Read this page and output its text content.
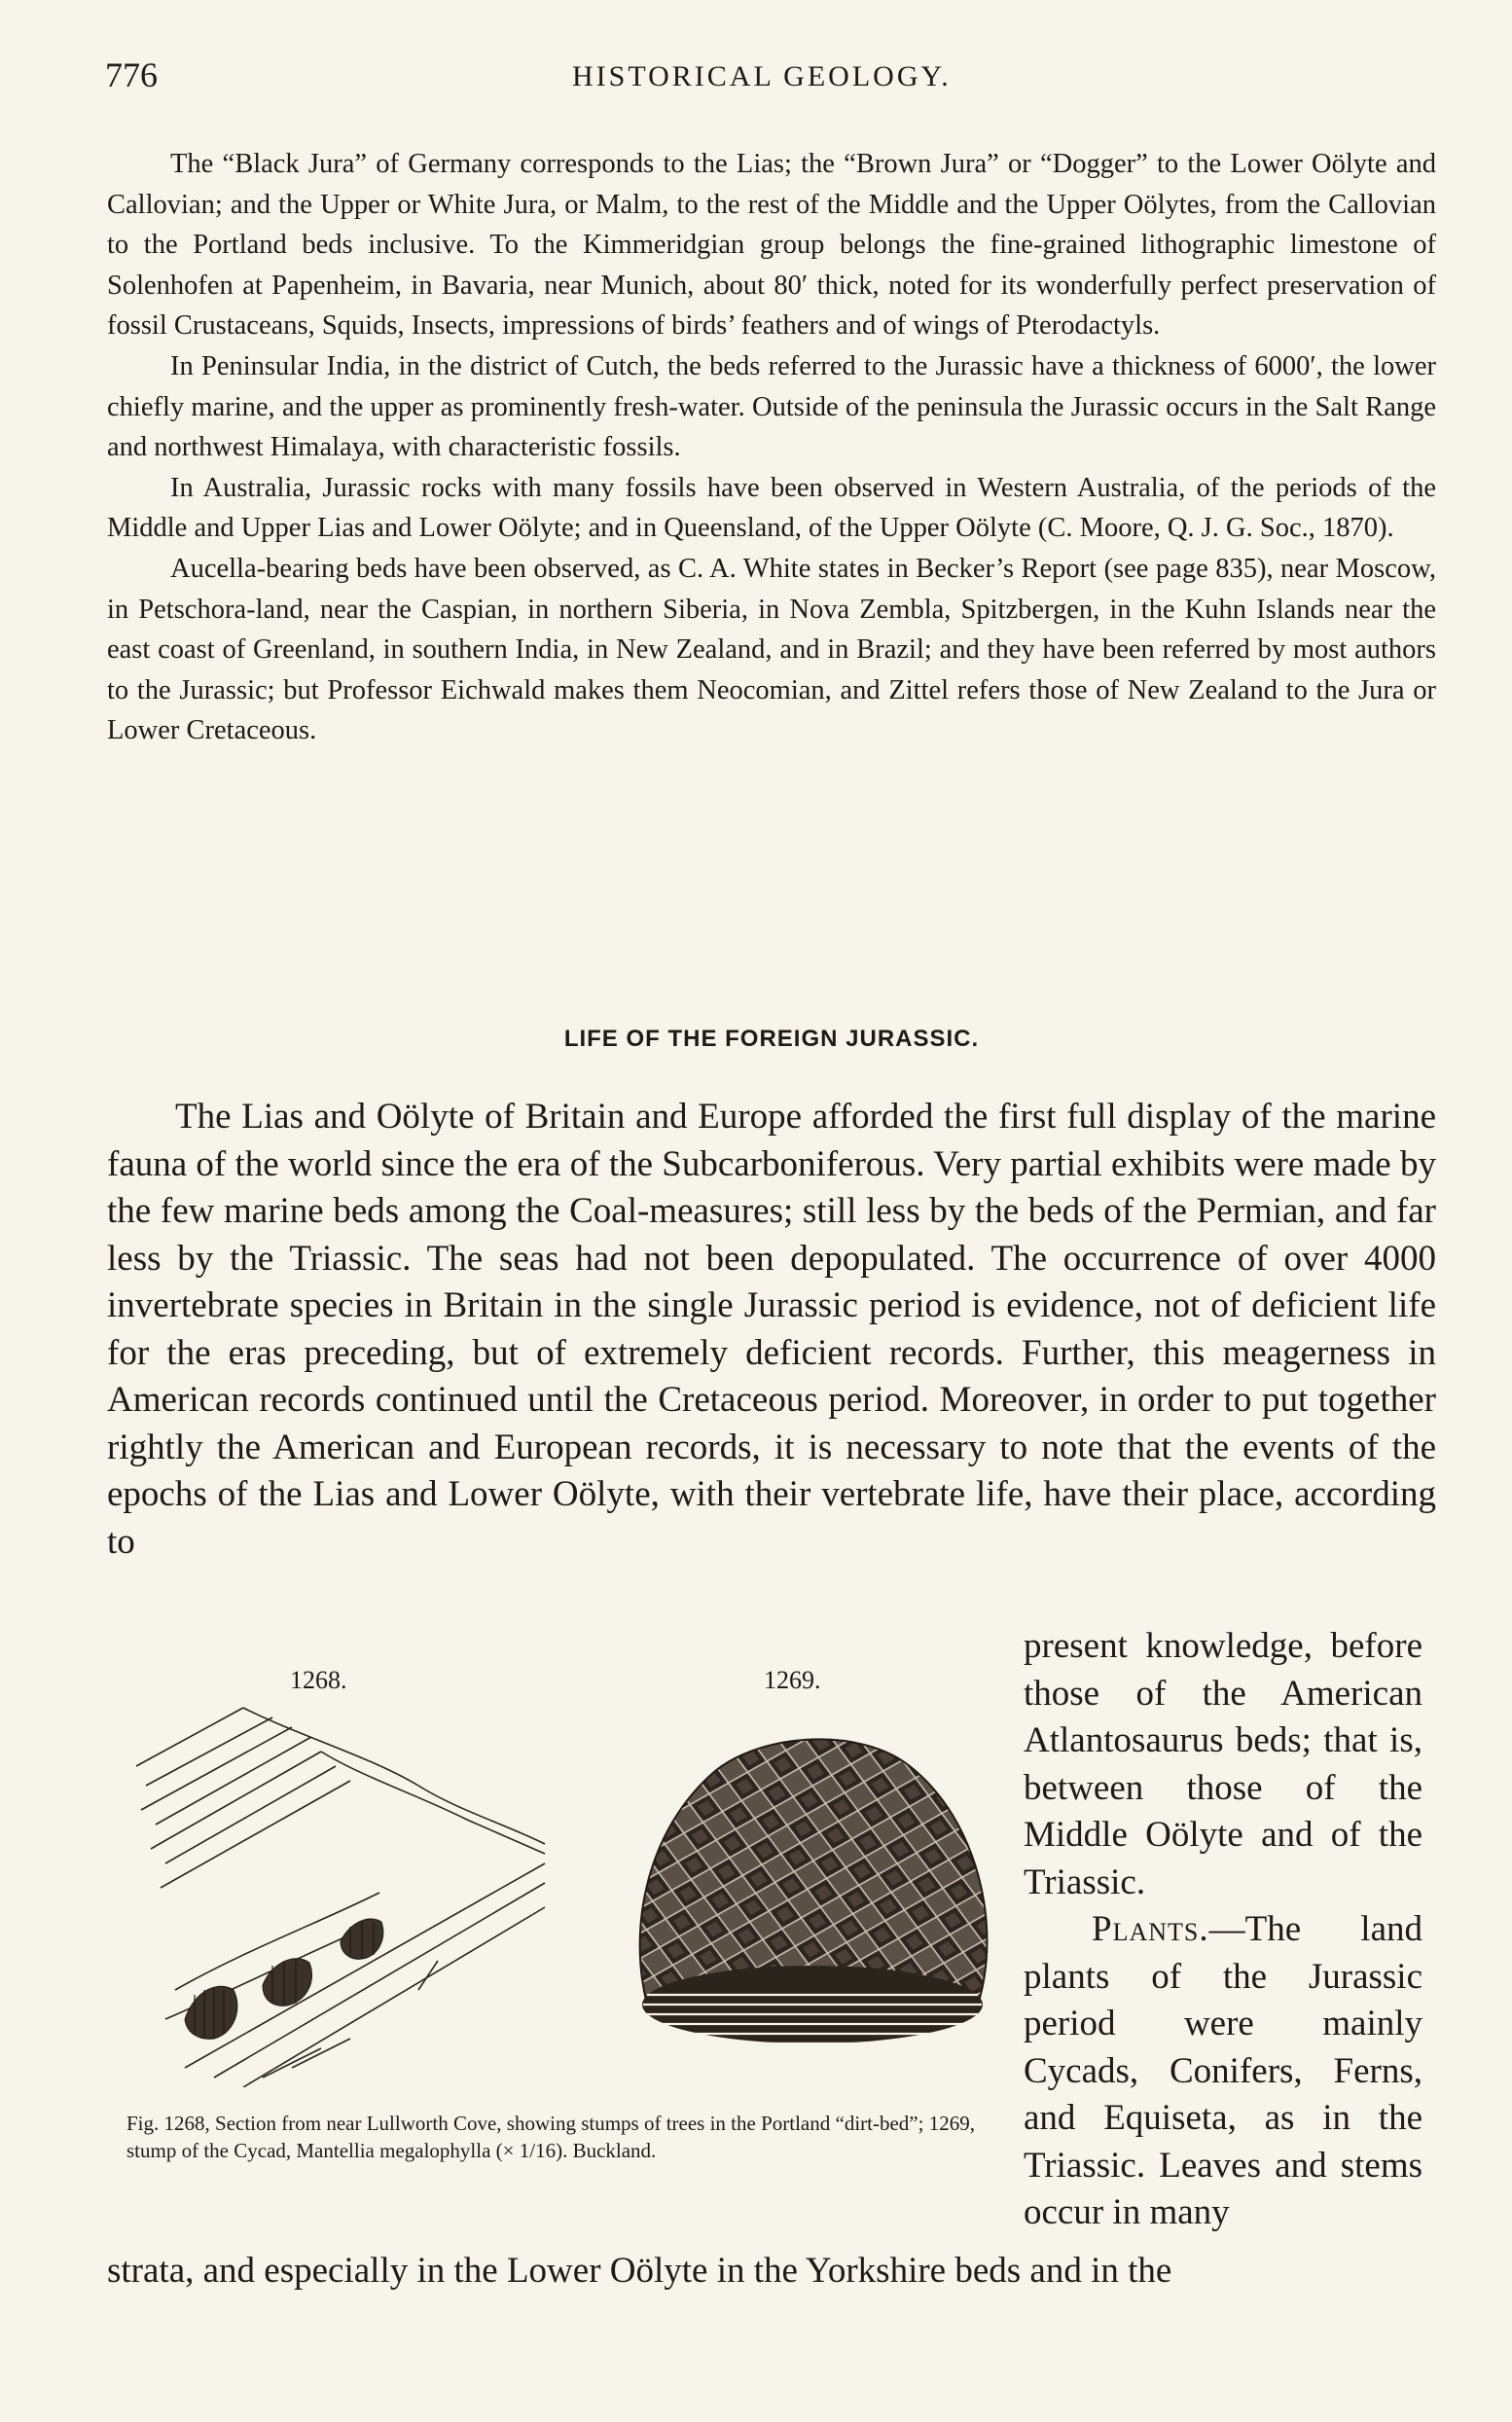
776	HISTORICAL GEOLOGY.

The “Black Jura” of Germany corresponds to the Lias; the “Brown Jura” or “Dogger” to the Lower Oölyte and Callovian; and the Upper or White Jura, or Malm, to the rest of the Middle and the Upper Oölytes, from the Callovian to the Portland beds inclusive. To the Kimmeridgian group belongs the fine-grained lithographic limestone of Solenhofen at Papenheim, in Bavaria, near Munich, about 80′ thick, noted for its wonderfully perfect preservation of fossil Crustaceans, Squids, Insects, impressions of birds’ feathers and of wings of Pterodactyls.

In Peninsular India, in the district of Cutch, the beds referred to the Jurassic have a thickness of 6000′, the lower chiefly marine, and the upper as prominently fresh-water. Outside of the peninsula the Jurassic occurs in the Salt Range and northwest Himalaya, with characteristic fossils.

In Australia, Jurassic rocks with many fossils have been observed in Western Australia, of the periods of the Middle and Upper Lias and Lower Oölyte; and in Queensland, of the Upper Oölyte (C. Moore, Q. J. G. Soc., 1870).

Aucella-bearing beds have been observed, as C. A. White states in Becker’s Report (see page 835), near Moscow, in Petschora-land, near the Caspian, in northern Siberia, in Nova Zembla, Spitzbergen, in the Kuhn Islands near the east coast of Greenland, in southern India, in New Zealand, and in Brazil; and they have been referred by most authors to the Jurassic; but Professor Eichwald makes them Neocomian, and Zittel refers those of New Zealand to the Jura or Lower Cretaceous.

LIFE OF THE FOREIGN JURASSIC.

The Lias and Oölyte of Britain and Europe afforded the first full display of the marine fauna of the world since the era of the Subcarboniferous. Very partial exhibits were made by the few marine beds among the Coal-measures; still less by the beds of the Permian, and far less by the Triassic. The seas had not been depopulated. The occurrence of over 4000 invertebrate species in Britain in the single Jurassic period is evidence, not of deficient life for the eras preceding, but of extremely deficient records. Further, this meagerness in American records continued until the Cretaceous period. Moreover, in order to put together rightly the American and European records, it is necessary to note that the events of the epochs of the Lias and Lower Oölyte, with their vertebrate life, have their place, according to

1268.	1269.

present knowledge, before those of the American Atlantosaurus beds; that is, between those of the Middle Oölyte and of the Triassic.

Plants.—The land plants of the Jurassic period were mainly Cycads, Conifers, Ferns, and Equiseta, as in the Triassic. Leaves and stems occur in many

Fig. 1268, Section from near Lullworth Cove, showing stumps of trees in the Portland “dirt-bed”; 1269, stump of the Cycad, Mantellia megalophylla (× 1/16). Buckland.
strata, and especially in the Lower Oölyte in the Yorkshire beds and in the
